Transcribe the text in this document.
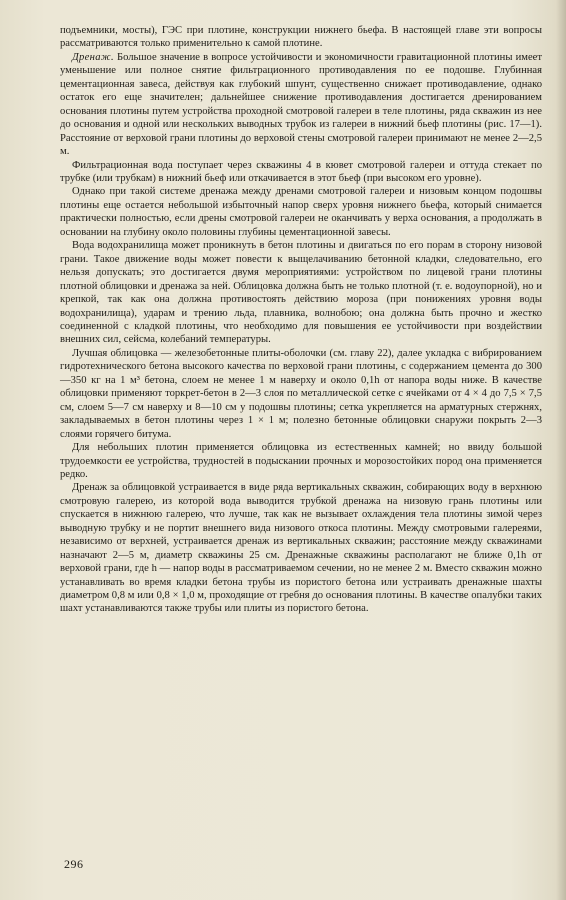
подъемники, мосты), ГЭС при плотине, конструкции нижнего бьефа. В настоящей главе эти вопросы рассматриваются только применительно к самой плотине.

Дренаж. Большое значение в вопросе устойчивости и экономичности гравитационной плотины имеет уменьшение или полное снятие фильтрационного противодавления по ее подошве. Глубинная цементационная завеса, действуя как глубокий шпунт, существенно снижает противодавление, однако остаток его еще значителен; дальнейшее снижение противодавления достигается дренированием основания плотины путем устройства проходной смотровой галереи в теле плотины, ряда скважин из нее до основания и одной или нескольких выводных трубок из галереи в нижний бьеф плотины (рис. 17—1). Расстояние от верховой грани плотины до верховой стены смотровой галереи принимают не менее 2—2,5 м.

Фильтрационная вода поступает через скважины 4 в кювет смотровой галереи и оттуда стекает по трубке (или трубкам) в нижний бьеф или откачивается в этот бьеф (при высоком его уровне).

Однако при такой системе дренажа между дренами смотровой галереи и низовым концом подошвы плотины еще остается небольшой избыточный напор сверх уровня нижнего бьефа, который снимается практически полностью, если дрены смотровой галереи не оканчивать у верха основания, а продолжать в основании на глубину около половины глубины цементационной завесы.

Вода водохранилища может проникнуть в бетон плотины и двигаться по его порам в сторону низовой грани. Такое движение воды может повести к выщелачиванию бетонной кладки, следовательно, его нельзя допускать; это достигается двумя мероприятиями: устройством по лицевой грани плотины плотной облицовки и дренажа за ней. Облицовка должна быть не только плотной (т. е. водоупорной), но и крепкой, так как она должна противостоять действию мороза (при понижениях уровня воды водохранилища), ударам и трению льда, плавника, волнобою; она должна быть прочно и жестко соединенной с кладкой плотины, что необходимо для повышения ее устойчивости при воздействии внешних сил, сейсма, колебаний температуры.

Лучшая облицовка — железобетонные плиты-оболочки (см. главу 22), далее укладка с вибрированием гидротехнического бетона высокого качества по верховой грани плотины, с содержанием цемента до 300—350 кг на 1 м³ бетона, слоем не менее 1 м наверху и около 0,1h от напора воды ниже. В качестве облицовки применяют торкрет-бетон в 2—3 слоя по металлической сетке с ячейками от 4 × 4 до 7,5 × 7,5 см, слоем 5—7 см наверху и 8—10 см у подошвы плотины; сетка укрепляется на арматурных стержнях, закладываемых в бетон плотины через 1 × 1 м; полезно бетонные облицовки снаружи покрыть 2—3 слоями горячего битума.

Для небольших плотин применяется облицовка из естественных камней; но ввиду большой трудоемкости ее устройства, трудностей в подыскании прочных и морозостойких пород она применяется редко.

Дренаж за облицовкой устраивается в виде ряда вертикальных скважин, собирающих воду в верхнюю смотровую галерею, из которой вода выводится трубкой дренажа на низовую грань плотины или спускается в нижнюю галерею, что лучше, так как не вызывает охлаждения тела плотины зимой через выводную трубку и не портит внешнего вида низового откоса плотины. Между смотровыми галереями, независимо от верхней, устраивается дренаж из вертикальных скважин; расстояние между скважинами назначают 2—5 м, диаметр скважины 25 см. Дренажные скважины располагают не ближе 0,1h от верховой грани, где h — напор воды в рассматриваемом сечении, но не менее 2 м. Вместо скважин можно устанавливать во время кладки бетона трубы из пористого бетона или устраивать дренажные шахты диаметром 0,8 м или 0,8 × 1,0 м, проходящие от гребня до основания плотины. В качестве опалубки таких шахт устанавливаются также трубы или плиты из пористого бетона.

296
